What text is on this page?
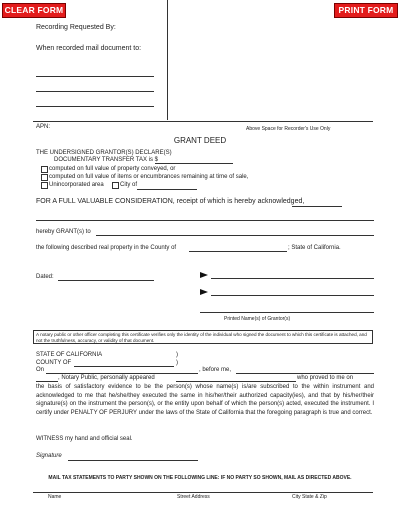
CLEAR FORM	PRINT FORM
Recording Requested By:
When recorded mail document to:
APN:	Above Space for Recorder's Use Only
GRANT DEED
THE UNDERSIGNED GRANTOR(S) DECLARE(S)
DOCUMENTARY TRANSFER TAX is $
computed on full value of property conveyed, or
computed on full value of items or encumbrances remaining at time of sale,
Unincorporated area	City of
FOR A FULL VALUABLE CONSIDERATION, receipt of which is hereby acknowledged,
hereby GRANT(s) to
the following described real property in the County of	; State of California.
Dated:
Printed Name(s) of Grantor(s)
A notary public or other officer completing this certificate verifies only the identity of the individual who signed the document to which this certificate is attached, and not the truthfulness, accuracy, or validity of that document.
STATE OF CALIFORNIA	)
COUNTY OF	)
On	, before me,
, Notary Public, personally appeared	who proved to me on
the basis of satisfactory evidence to be the person(s) whose name(s) is/are subscribed to the within instrument and acknowledged to me that he/she/they executed the same in his/her/their authorized capacity(ies), and that by his/her/their signature(s) on the instrument the person(s), or the entity upon behalf of which the person(s) acted, executed the instrument. I certify under PENALTY OF PERJURY under the laws of the State of California that the foregoing paragraph is true and correct.
WITNESS my hand and official seal.
Signature
MAIL TAX STATEMENTS TO PARTY SHOWN ON THE FOLLOWING LINE: IF NO PARTY SO SHOWN, MAIL AS DIRECTED ABOVE.
Name	Street Address	City State & Zip
